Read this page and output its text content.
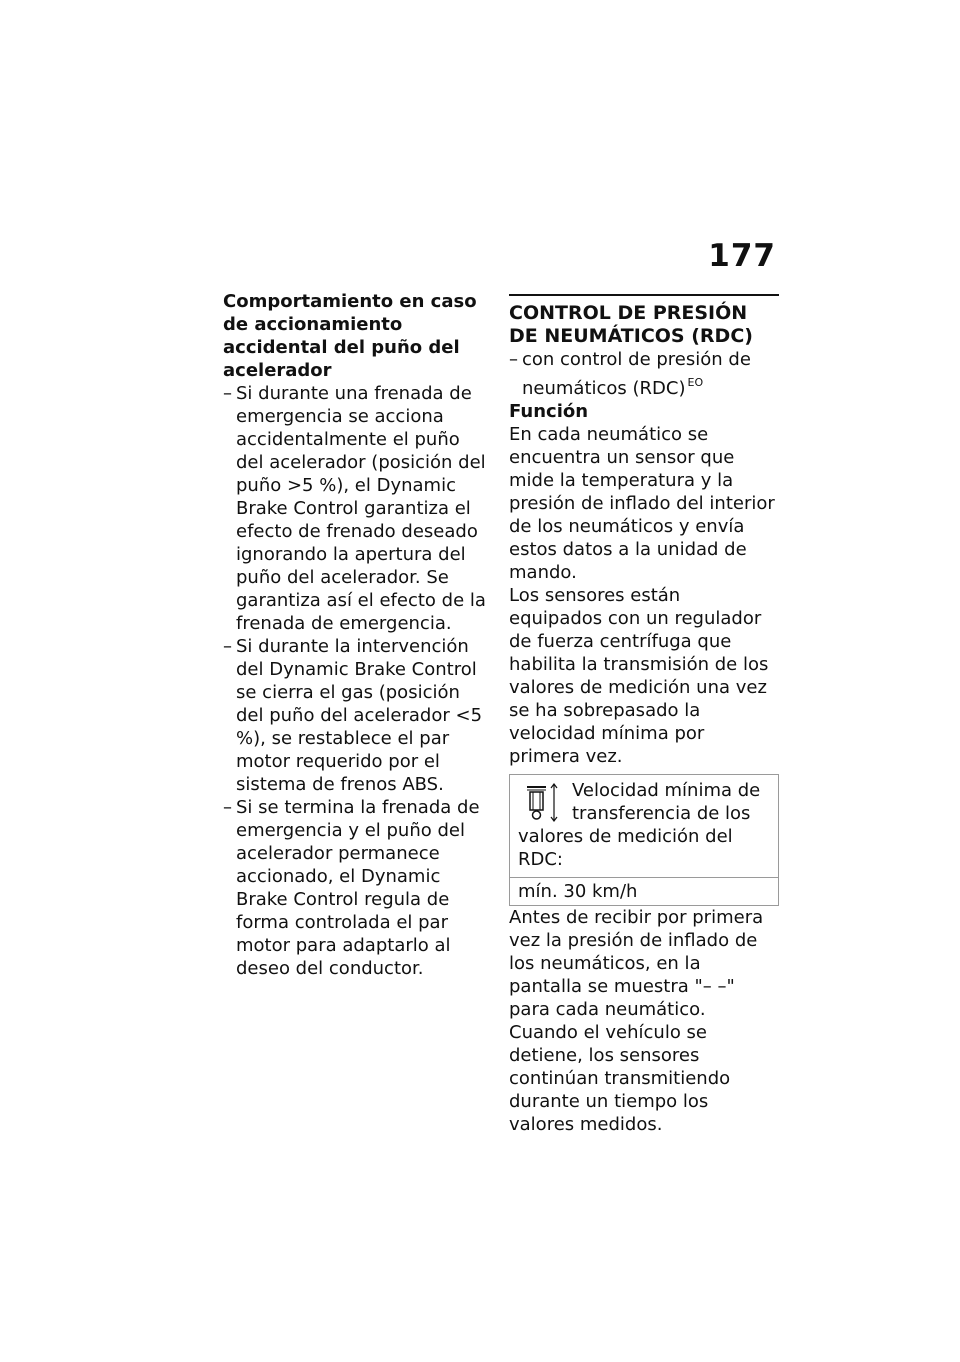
177
Comportamiento en caso de accionamiento accidental del puño del acelerador
– Si durante una frenada de emergencia se acciona accidentalmente el puño del acelerador (posición del puño >5 %), el Dynamic Brake Control garantiza el efecto de frenado deseado ignorando la apertura del puño del acelerador. Se garantiza así el efecto de la frenada de emergencia.
– Si durante la intervención del Dynamic Brake Control se cierra el gas (posición del puño del acelerador <5 %), se restablece el par motor requerido por el sistema de frenos ABS.
– Si se termina la frenada de emergencia y el puño del acelerador permanece accionado, el Dynamic Brake Control regula de forma controlada el par motor para adaptarlo al deseo del conductor.
CONTROL DE PRESIÓN DE NEUMÁTICOS (RDC)
– con control de presión de neumáticos (RDC) $^{EO}$
Función

En cada neumático se encuentra un sensor que mide la temperatura y la presión de inflado del interior de los neumáticos y envía estos datos a la unidad de mando.

Los sensores están equipados con un regulador de fuerza centrífuga que habilita la transmisión de los valores de medición una vez se ha sobrepasado la velocidad mínima por primera vez.

Velocidad mínima de transferencia de los valores de medición del RDC:
mín. 30 km/h

Antes de recibir por primera vez la presión de inflado de los neumáticos, en la pantalla se muestra "– –" para cada neumático. Cuando el vehículo se detiene, los sensores continúan transmitiendo durante un tiempo los valores medidos.
